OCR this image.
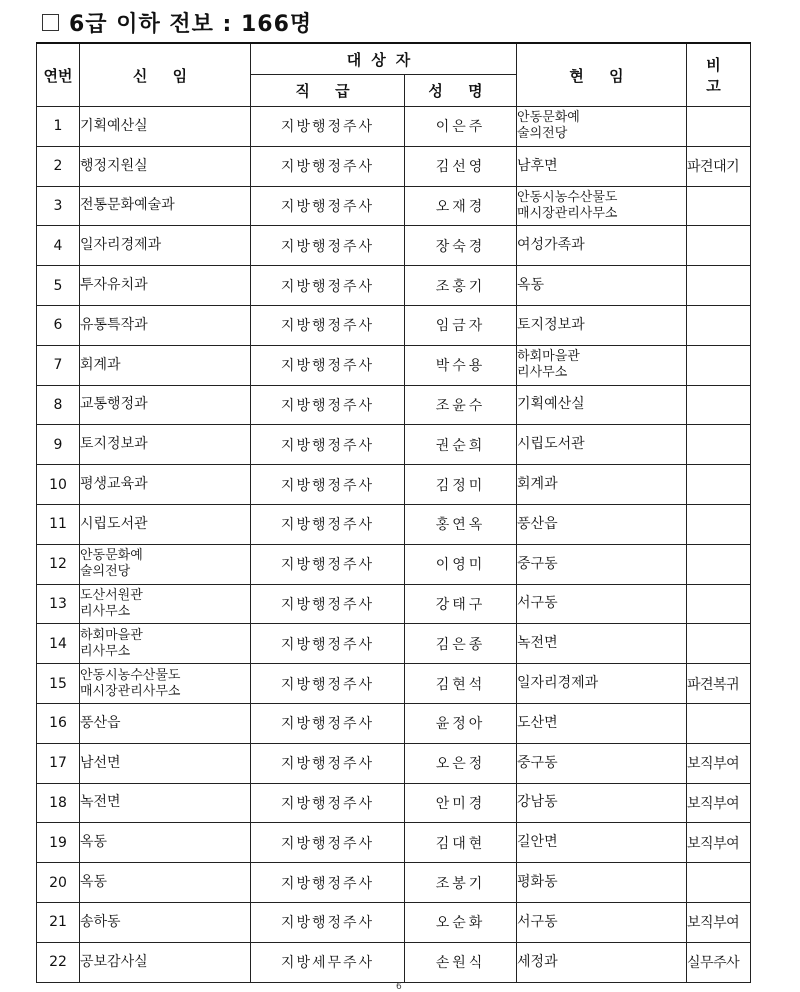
6급 이하 전보 : 166명
연번	신 임	대상자		현 임	비 고
		직 급	성 명		
1	기획예산실	지방행정주사	이은주	안동문화예
술의전당	

2	행정지원실	지방행정주사	김선영	남후면	파견대기
3	전통문화예술과	지방행정주사	오재경	안동시농수산물도
매시장관리사무소	

4	일자리경제과	지방행정주사	장숙경	여성가족과	

5	투자유치과	지방행정주사	조홍기	옥동	

6	유통특작과	지방행정주사	임금자	토지정보과	

7	회계과	지방행정주사	박수용	하회마을관
리사무소	

8	교통행정과	지방행정주사	조윤수	기획예산실	

9	토지정보과	지방행정주사	권순희	시립도서관	

10	평생교육과	지방행정주사	김정미	회계과	

11	시립도서관	지방행정주사	홍연옥	풍산읍	

12	안동문화예
술의전당	지방행정주사	이영미	중구동	

13	도산서원관
리사무소	지방행정주사	강태구	서구동	

14	하회마을관
리사무소	지방행정주사	김은종	녹전면	

15	안동시농수산물도
매시장관리사무소	지방행정주사	김현석	일자리경제과	파견복귀
16	풍산읍	지방행정주사	윤정아	도산면	

17	남선면	지방행정주사	오은정	중구동	보직부여
18	녹전면	지방행정주사	안미경	강남동	보직부여
19	옥동	지방행정주사	김대현	길안면	보직부여
20	옥동	지방행정주사	조봉기	평화동	

21	송하동	지방행정주사	오순화	서구동	보직부여
22	공보감사실	지방세무주사	손원식	세정과	실무주사
6
